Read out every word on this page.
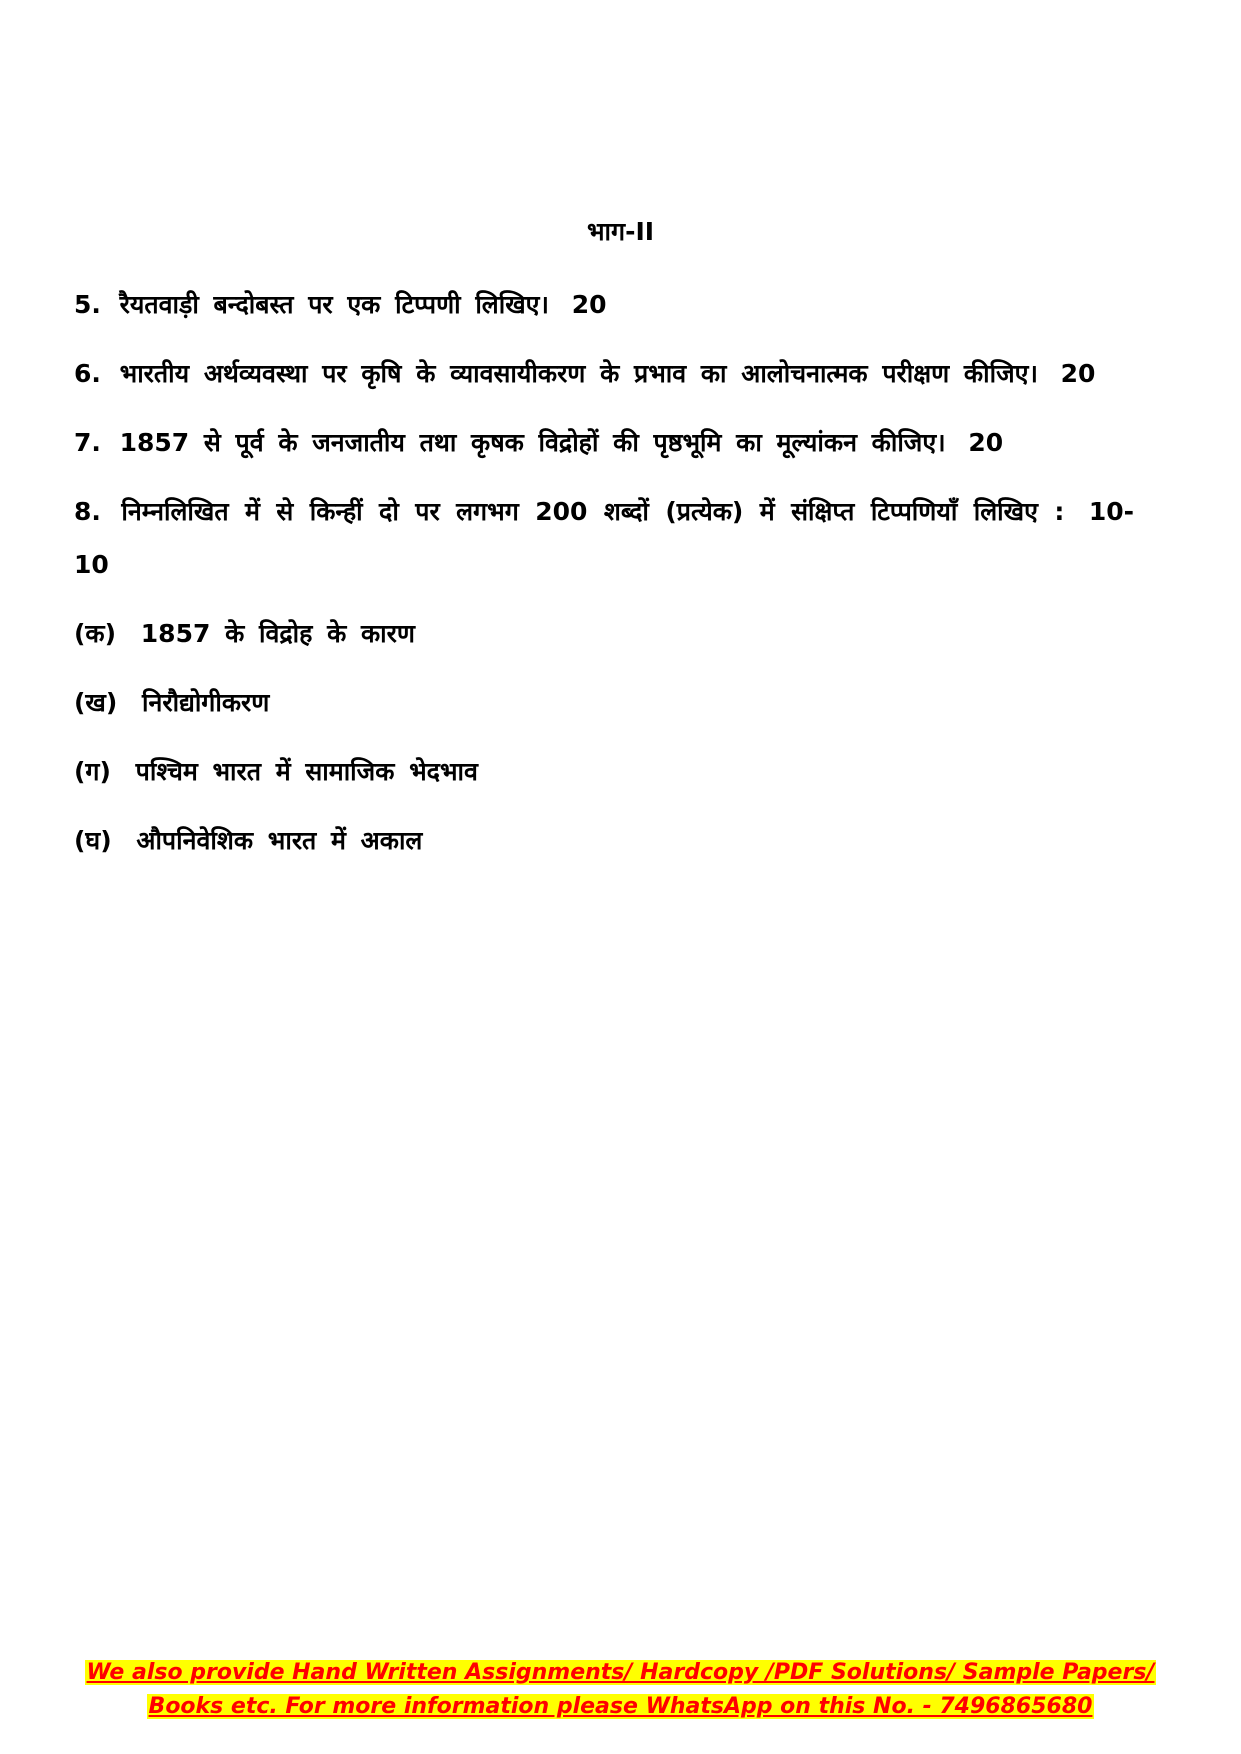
भाग-II

5. रैयतवाड़ी बन्दोबस्त पर एक टिप्पणी लिखिए। 20

6. भारतीय अर्थव्यवस्था पर कृषि के व्यावसायीकरण के प्रभाव का आलोचनात्मक परीक्षण कीजिए। 20

7. 1857 से पूर्व के जनजातीय तथा कृषक विद्रोहों की पृष्ठभूमि का मूल्यांकन कीजिए। 20

8. निम्नलिखित में से किन्हीं दो पर लगभग 200 शब्दों (प्रत्येक) में संक्षिप्त टिप्पणियाँ लिखिए : 10-10

(क) 1857 के विद्रोह के कारण

(ख) निरौद्योगीकरण

(ग) पश्चिम भारत में सामाजिक भेदभाव

(घ) औपनिवेशिक भारत में अकाल

We also provide Hand Written Assignments/ Hardcopy /PDF Solutions/ Sample Papers/
Books etc. For more information please WhatsApp on this No. - 7496865680
